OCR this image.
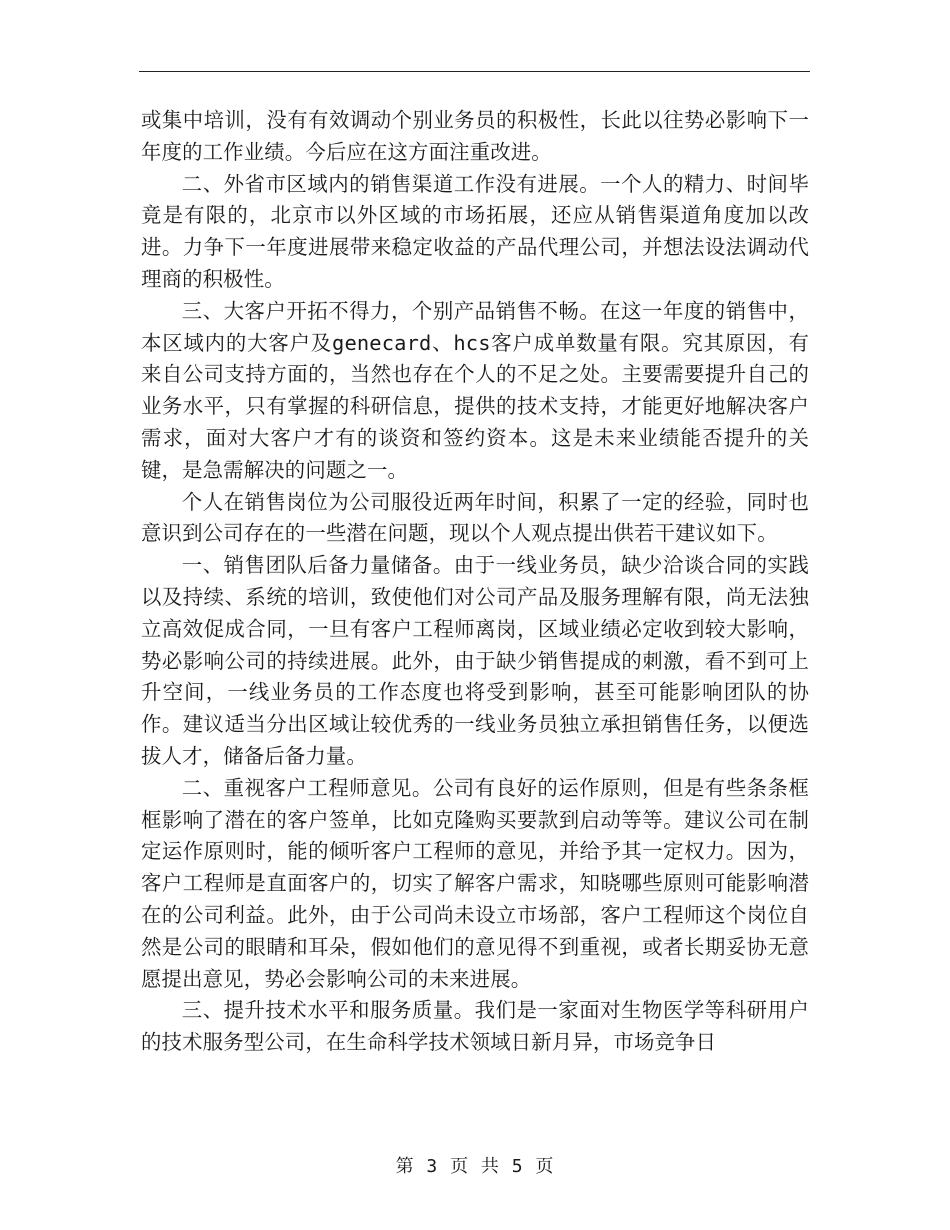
或集中培训，没有有效调动个别业务员的积极性，长此以往势必影响下一年度的工作业绩。今后应在这方面注重改进。

二、外省市区域内的销售渠道工作没有进展。一个人的精力、时间毕竟是有限的，北京市以外区域的市场拓展，还应从销售渠道角度加以改进。力争下一年度进展带来稳定收益的产品代理公司，并想法设法调动代理商的积极性。

三、大客户开拓不得力，个别产品销售不畅。在这一年度的销售中，本区域内的大客户及genecard、hcs客户成单数量有限。究其原因，有来自公司支持方面的，当然也存在个人的不足之处。主要需要提升自己的业务水平，只有掌握的科研信息，提供的技术支持，才能更好地解决客户需求，面对大客户才有的谈资和签约资本。这是未来业绩能否提升的关键，是急需解决的问题之一。

个人在销售岗位为公司服役近两年时间，积累了一定的经验，同时也意识到公司存在的一些潜在问题，现以个人观点提出供若干建议如下。

一、销售团队后备力量储备。由于一线业务员，缺少洽谈合同的实践以及持续、系统的培训，致使他们对公司产品及服务理解有限，尚无法独立高效促成合同，一旦有客户工程师离岗，区域业绩必定收到较大影响，势必影响公司的持续进展。此外，由于缺少销售提成的刺激，看不到可上升空间，一线业务员的工作态度也将受到影响，甚至可能影响团队的协作。建议适当分出区域让较优秀的一线业务员独立承担销售任务，以便选拔人才，储备后备力量。

二、重视客户工程师意见。公司有良好的运作原则，但是有些条条框框影响了潜在的客户签单，比如克隆购买要款到启动等等。建议公司在制定运作原则时，能的倾听客户工程师的意见，并给予其一定权力。因为，客户工程师是直面客户的，切实了解客户需求，知晓哪些原则可能影响潜在的公司利益。此外，由于公司尚未设立市场部，客户工程师这个岗位自然是公司的眼睛和耳朵，假如他们的意见得不到重视，或者长期妥协无意愿提出意见，势必会影响公司的未来进展。

三、提升技术水平和服务质量。我们是一家面对生物医学等科研用户的技术服务型公司，在生命科学技术领域日新月异，市场竞争日

第 3 页 共 5 页
